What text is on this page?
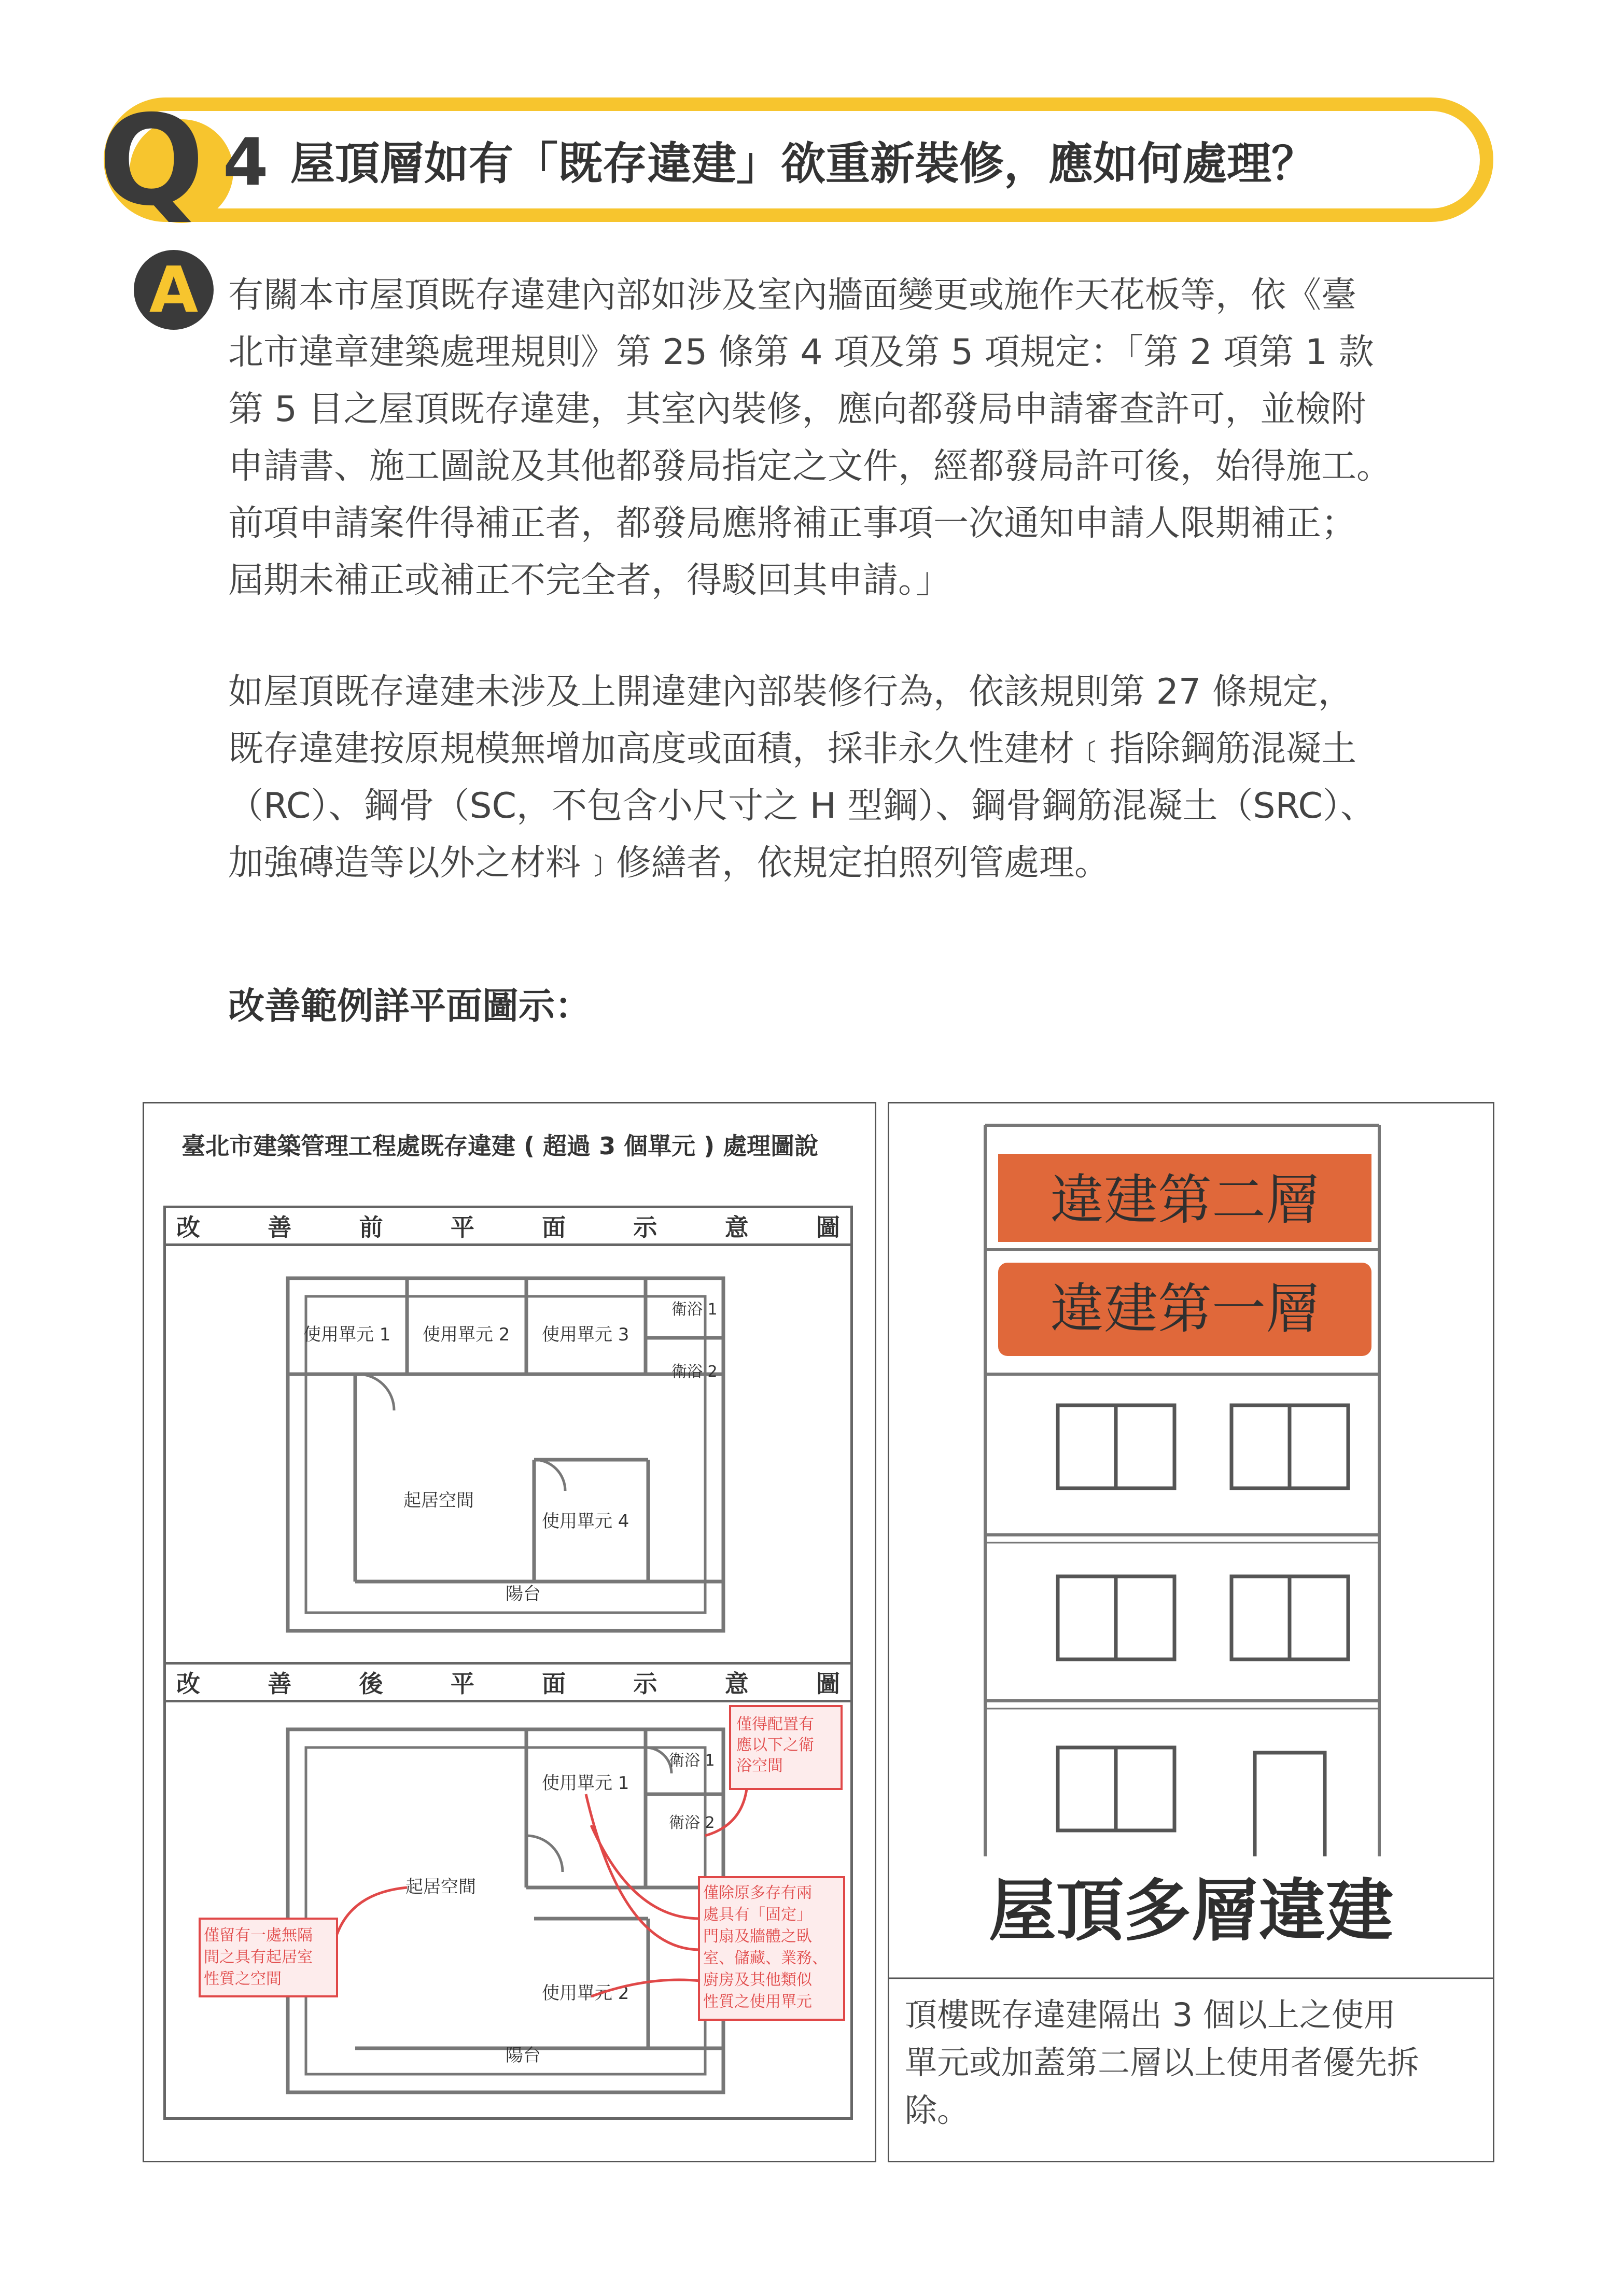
Q 4 屋頂層如有「既存違建」欲重新裝修，應如何處理？
A 有關本市屋頂既存違建內部如涉及室內牆面變更或施作天花板等，依《臺

北市違章建築處理規則》第 25 條第 4 項及第 5 項規定：「第 2 項第 1 款

第 5 目之屋頂既存違建，其室內裝修，應向都發局申請審查許可，並檢附

申請書、施工圖說及其他都發局指定之文件，經都發局許可後，始得施工。

前項申請案件得補正者，都發局應將補正事項一次通知申請人限期補正；

屆期未補正或補正不完全者，得駁回其申請。」

如屋頂既存違建未涉及上開違建內部裝修行為，依該規則第 27 條規定，

既存違建按原規模無增加高度或面積，採非永久性建材﹝指除鋼筋混凝土

（RC）、鋼骨（SC，不包含小尺寸之 H 型鋼）、鋼骨鋼筋混凝土（SRC）、

加強磚造等以外之材料﹞修繕者，依規定拍照列管處理。

改善範例詳平面圖示：
臺北市建築管理工程處既存違建 ( 超過 3 個單元 ) 處理圖說
改	善	前	平	面	示	意	圖
改	善	後	平	面	示	意	圖
使用單元 1 使用單元 2 使用單元 3
衛浴 1
衛浴 2
起居空間
使用單元 4
陽台
使用單元 1
衛浴 1
衛浴 2
起居空間
使用單元 2
陽台
僅得配置有
應以下之衛
浴空間
僅留有一處無隔
間之具有起居室
性質之空間
僅除原多存有兩
處具有「固定」
門扇及牆體之臥
室、儲藏、業務、
廚房及其他類似
性質之使用單元
違建第二層
違建第一層
屋頂多層違建
頂樓既存違建隔出 3 個以上之使用
單元或加蓋第二層以上使用者優先拆
除。
